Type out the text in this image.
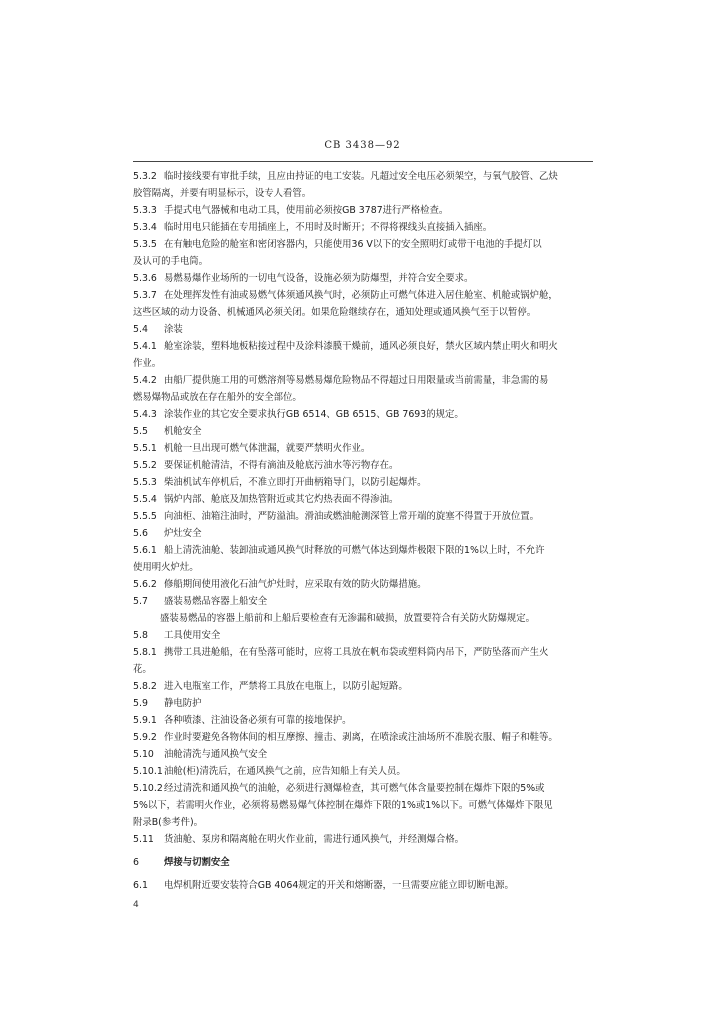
CB 3438—92
5.3.2 临时接线要有审批手续，且应由持证的电工安装。凡超过安全电压必须架空，与氧气胶管、乙炔
胶管隔离，并要有明显标示，设专人看管。
5.3.3 手提式电气器械和电动工具，使用前必须按GB 3787进行严格检查。
5.3.4 临时用电只能插在专用插座上，不用时及时断开；不得将裸线头直接插入插座。
5.3.5 在有触电危险的舱室和密闭容器内，只能使用36 V以下的安全照明灯或带干电池的手提灯以
及认可的手电筒。
5.3.6 易燃易爆作业场所的一切电气设备，设施必须为防爆型，并符合安全要求。
5.3.7 在处理挥发性有油或易燃气体须通风换气时，必须防止可燃气体进入居住舱室、机舱或锅炉舱，
这些区域的动力设备、机械通风必须关闭。如果危险继续存在，通知处理或通风换气至于以暂停。
5.4 涂装
5.4.1 舱室涂装，塑料地板粘接过程中及涂料漆膜干燥前，通风必须良好，禁火区域内禁止明火和明火
作业。
5.4.2 由船厂提供施工用的可燃溶剂等易燃易爆危险物品不得超过日用限量或当前需量，非急需的易
燃易爆物品或放在存在船外的安全部位。
5.4.3 涂装作业的其它安全要求执行GB 6514、GB 6515、GB 7693的规定。
5.5 机舱安全
5.5.1 机舱一旦出现可燃气体泄漏，就要严禁明火作业。
5.5.2 要保证机舱清洁，不得有滴油及舱底污油水等污物存在。
5.5.3 柴油机试车停机后，不准立即打开曲柄箱导门，以防引起爆炸。
5.5.4 锅炉内部、舱底及加热管附近或其它灼热表面不得渗油。
5.5.5 向油柜、油箱注油时，严防溢油。滑油或燃油舱测深管上常开端的旋塞不得置于开放位置。
5.6 炉灶安全
5.6.1 船上清洗油舱、装卸油或通风换气时释放的可燃气体达到爆炸极限下限的1%以上时，不允许
使用明火炉灶。
5.6.2 修船期间使用液化石油气炉灶时，应采取有效的防火防爆措施。
5.7 盛装易燃品容器上船安全
盛装易燃品的容器上船前和上船后要检查有无渗漏和破损，放置要符合有关防火防爆规定。
5.8 工具使用安全
5.8.1 携带工具进舱船，在有坠落可能时，应将工具放在帆布袋或塑料筒内吊下，严防坠落而产生火
花。
5.8.2 进入电瓶室工作，严禁将工具放在电瓶上，以防引起短路。
5.9 静电防护
5.9.1 各种喷漆、注油设备必须有可靠的接地保护。
5.9.2 作业时要避免各物体间的相互摩擦、撞击、剥离，在喷涂或注油场所不准脱衣服、帽子和鞋等。
5.10 油舱清洗与通风换气安全
5.10.1油舱(柜)清洗后，在通风换气之前，应告知船上有关人员。
5.10.2经过清洗和通风换气的油舱，必须进行测爆检查，其可燃气体含量要控制在爆炸下限的5%或
5%以下，若需明火作业，必须将易燃易爆气体控制在爆炸下限的1%或1%以下。可燃气体爆炸下限见
附录B(参考件)。
5.11 货油舱、泵房和隔离舱在明火作业前，需进行通风换气，并经测爆合格。
6	焊接与切割安全
6.1 电焊机附近要安装符合GB 4064规定的开关和熔断器，一旦需要应能立即切断电源。
4
